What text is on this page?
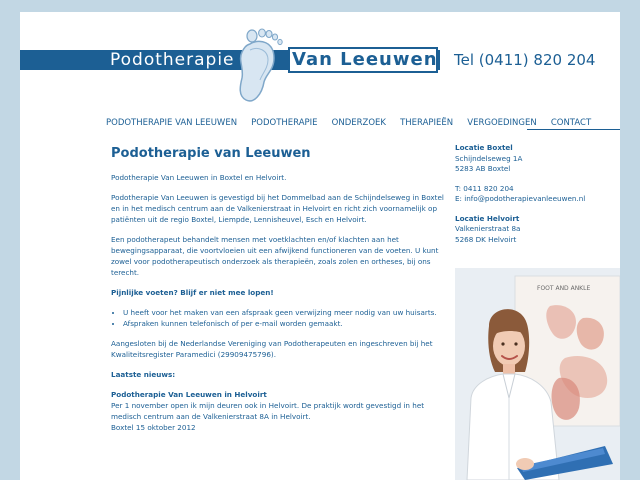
Podotherapie	Van Leeuwen Tel (0411) 820 204
PODOTHERAPIE VAN LEEUWEN PODOTHERAPIE ONDERZOEK THERAPIEËN VERGOEDINGEN CONTACT
Podotherapie van Leeuwen

Podotherapie Van Leeuwen in Boxtel en Helvoirt.

Podotherapie Van Leeuwen is gevestigd bij het Dommelbad aan de Schijndelseweg in Boxtel en in het medisch centrum aan de Valkenierstraat in Helvoirt en richt zich voornamelijk op patiënten uit de regio Boxtel, Liempde, Lennisheuvel, Esch en Helvoirt.

Een podotherapeut behandelt mensen met voetklachten en/of klachten aan het bewegingsapparaat, die voortvloeien uit een afwijkend functioneren van de voeten. U kunt zowel voor podotherapeutisch onderzoek als therapieën, zoals zolen en ortheses, bij ons terecht.

Pijnlijke voeten? Blijf er niet mee lopen!

• U heeft voor het maken van een afspraak geen verwijzing meer nodig van uw huisarts.
• Afspraken kunnen telefonisch of per e-mail worden gemaakt.

Aangesloten bij de Nederlandse Vereniging van Podotherapeuten en ingeschreven bij het Kwaliteitsregister Paramedici (29909475796).

Laatste nieuws:

Podotherapie Van Leeuwen in Helvoirt
Per 1 november open ik mijn deuren ook in Helvoirt. De praktijk wordt gevestigd in het medisch centrum aan de Valkenierstraat 8A in Helvoirt.
Boxtel 15 oktober 2012
Locatie Boxtel
Schijndelseweg 1A
5283 AB Boxtel
T: 0411 820 204
E: info@podotherapievanleeuwen.nl
Locatie Helvoirt
Valkenierstraat 8a
5268 DK Helvoirt
FOOT AND ANKLE
